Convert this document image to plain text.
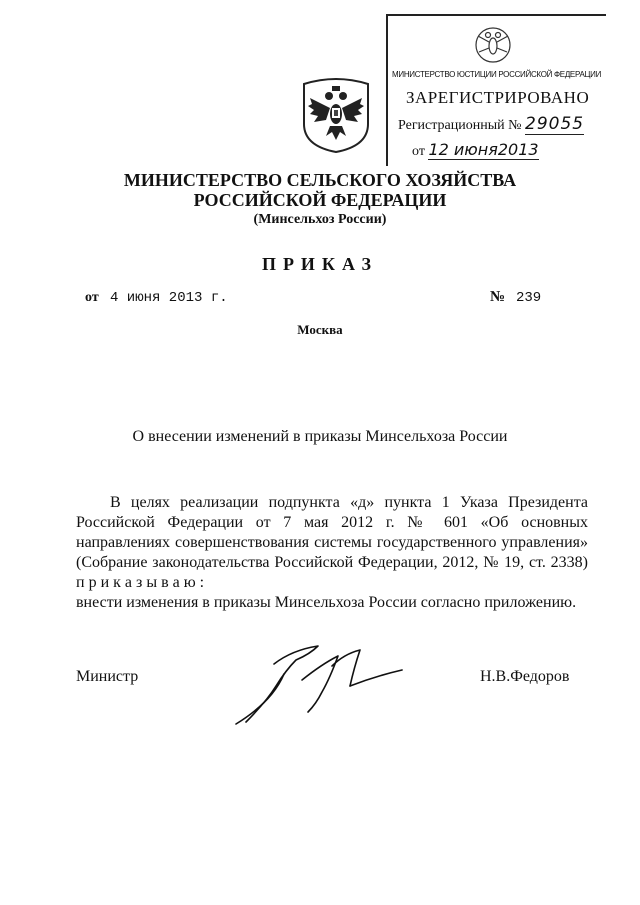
МИНИСТЕРСТВО ЮСТИЦИИ РОССИЙСКОЙ ФЕДЕРАЦИИ
ЗАРЕГИСТРИРОВАНО
Регистрационный № 29055
от 12 июня2013
МИНИСТЕРСТВО СЕЛЬСКОГО ХОЗЯЙСТВА
РОССИЙСКОЙ ФЕДЕРАЦИИ
(Минсельхоз России)
ПРИКАЗ
от 4 июня 2013 г.	№ 239
Москва
О внесении изменений в приказы Минсельхоза России

В целях реализации подпункта «д» пункта 1 Указа Президента Российской Федерации от 7 мая 2012 г. № 601 «Об основных направлениях совершенствования системы государственного управления» (Собрание законодательства Российской Федерации, 2012, № 19, ст. 2338) п р и к а з ы в а ю :

внести изменения в приказы Минсельхоза России согласно приложению.

Министр	Н.В.Федоров
